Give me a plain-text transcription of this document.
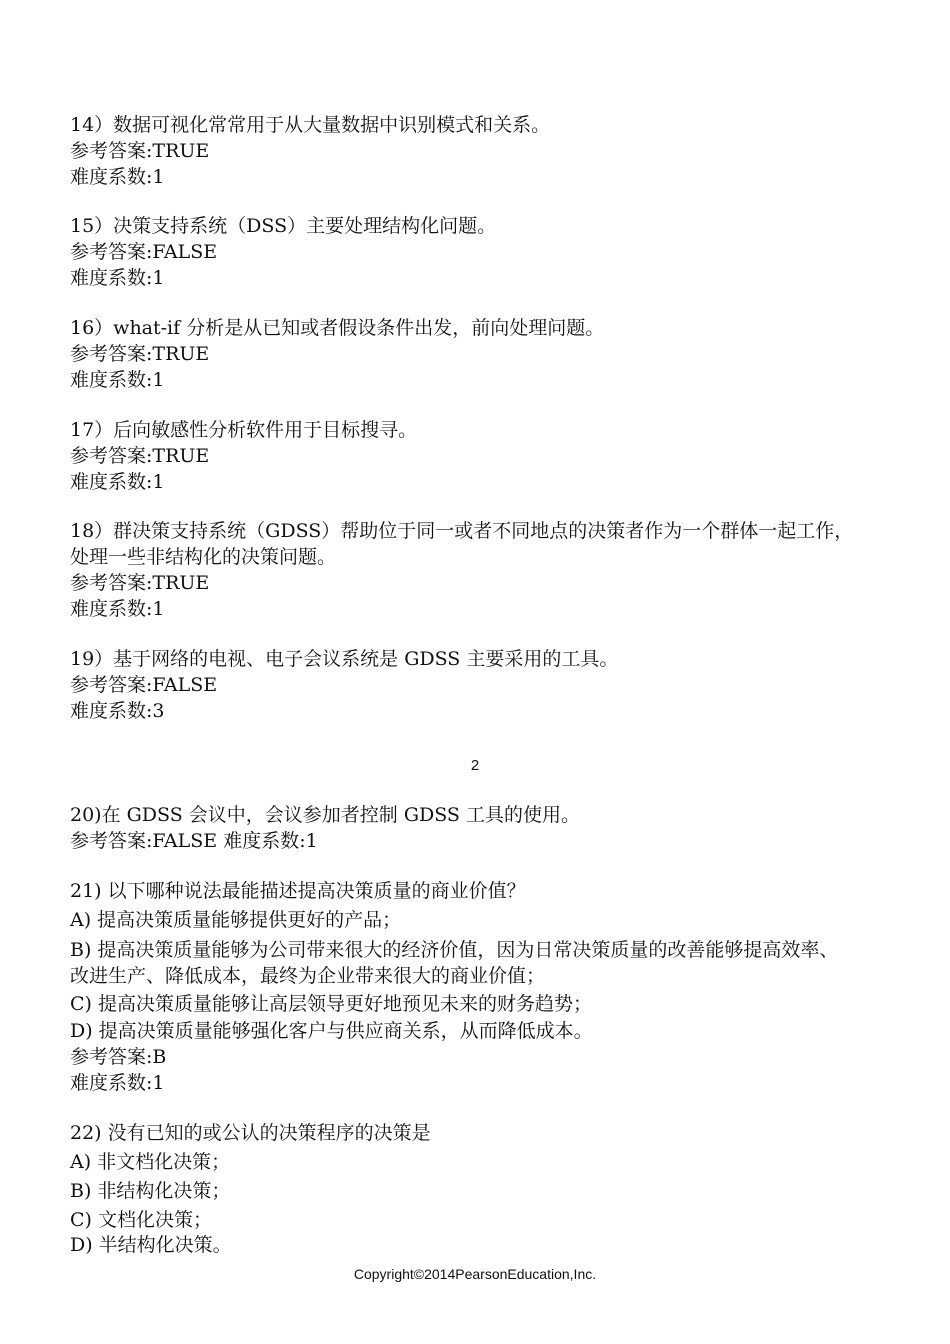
14）数据可视化常常用于从大量数据中识别模式和关系。
参考答案:TRUE
难度系数:1
15）决策支持系统（DSS）主要处理结构化问题。
参考答案:FALSE
难度系数:1
16）what-if 分析是从已知或者假设条件出发，前向处理问题。
参考答案:TRUE
难度系数:1
17）后向敏感性分析软件用于目标搜寻。
参考答案:TRUE
难度系数:1
18）群决策支持系统（GDSS）帮助位于同一或者不同地点的决策者作为一个群体一起工作，
处理一些非结构化的决策问题。
参考答案:TRUE
难度系数:1
19）基于网络的电视、电子会议系统是 GDSS 主要采用的工具。
参考答案:FALSE
难度系数:3
2
20)在 GDSS 会议中，会议参加者控制 GDSS 工具的使用。
参考答案:FALSE 难度系数:1
21) 以下哪种说法最能描述提高决策质量的商业价值？
A) 提高决策质量能够提供更好的产品；
B) 提高决策质量能够为公司带来很大的经济价值，因为日常决策质量的改善能够提高效率、
改进生产、降低成本，最终为企业带来很大的商业价值；
C) 提高决策质量能够让高层领导更好地预见未来的财务趋势；
D) 提高决策质量能够强化客户与供应商关系，从而降低成本。
参考答案:B
难度系数:1
22) 没有已知的或公认的决策程序的决策是
A) 非文档化决策；
B) 非结构化决策；
C) 文档化决策；
D) 半结构化决策。
Copyright©2014PearsonEducation,Inc.
